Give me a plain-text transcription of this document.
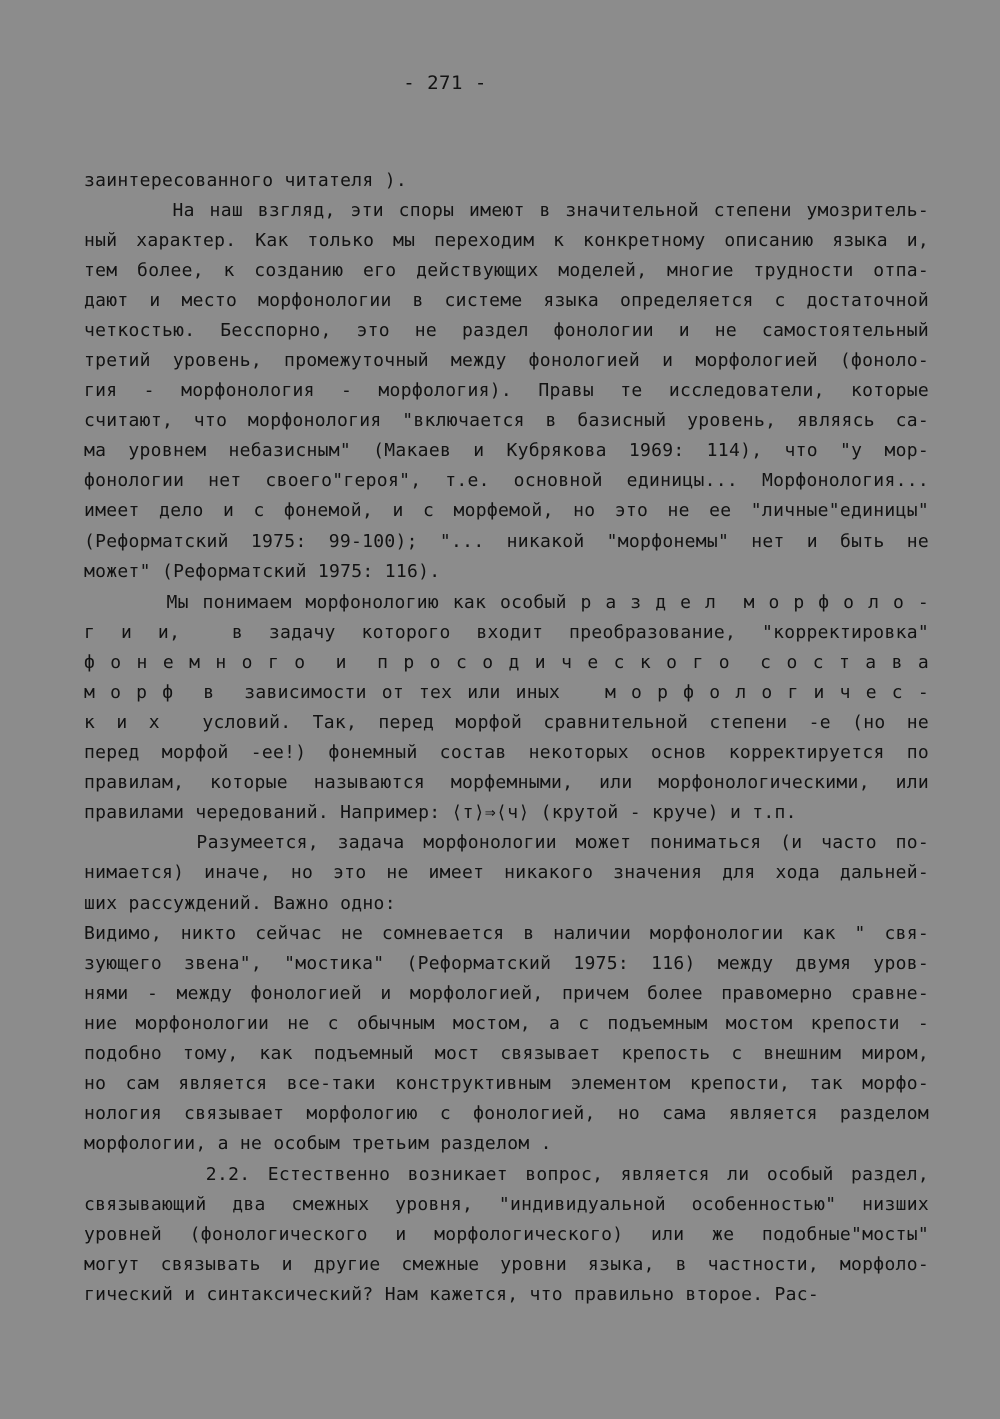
- 271 -
заинтересованного читателя ).
На наш взгляд, эти споры имеют в значительной степени умозритель-
ный характер. Как только мы переходим к конкретному описанию языка и,
тем более, к созданию его действующих моделей, многие трудности отпа-
дают и место морфонологии в системе языка определяется с достаточной
четкостью. Бесспорно, это не раздел фонологии и не самостоятельный
третий уровень, промежуточный между фонологией и морфологией (фоноло-
гия - морфонология - морфология). Правы те исследователи, которые
считают, что морфонология "включается в базисный уровень, являясь са-
ма уровнем небазисным" (Макаев и Кубрякова 1969: 114), что "у мор-
фонологии нет своего"героя", т.е. основной единицы... Морфонология...
имеет дело и с фонемой, и с морфемой, но это не ее "личные"единицы"
(Реформатский 1975: 99-100); "... никакой "морфонемы" нет и быть не
может" (Реформатский 1975: 116).
Мы понимаем морфонологию как особый р а з д е л  м о р ф о л о -
г и и,  в задачу которого входит преобразование, "корректировка"
ф о н е м н о г о  и  п р о с о д и ч е с к о г о  с о с т а в а
м о р ф  в  зависимости от тех или иных   м о р ф о л о г и ч е с -
к и х  условий. Так, перед морфой сравнительной степени -е (но не
перед морфой -ее!) фонемный состав некоторых основ корректируется по
правилам, которые называются морфемными, или морфонологическими, или
правилами чередований. Например: ⟨т⟩⇒⟨ч⟩ (крутой - круче) и т.п.
Разумеется, задача морфонологии может пониматься (и часто по-
нимается) иначе, но это не имеет никакого значения для хода дальней-
ших рассуждений. Важно одно:
Видимо, никто сейчас не сомневается в наличии морфонологии как " свя-
зующего звена", "мостика" (Реформатский 1975: 116) между двумя уров-
нями - между фонологией и морфологией, причем более правомерно сравне-
ние морфонологии не с обычным мостом, а с подъемным мостом крепости -
подобно тому, как подъемный мост связывает крепость с внешним миром,
но сам является все-таки конструктивным элементом крепости, так морфо-
нология связывает морфологию с фонологией, но сама является разделом
морфологии, а не особым третьим разделом .
2.2. Естественно возникает вопрос, является ли особый раздел,
связывающий два смежных уровня, "индивидуальной особенностью" низших
уровней (фонологического и морфологического) или же подобные"мосты"
могут связывать и другие смежные уровни языка, в частности, морфоло-
гический и синтаксический? Нам кажется, что правильно второе. Рас-
